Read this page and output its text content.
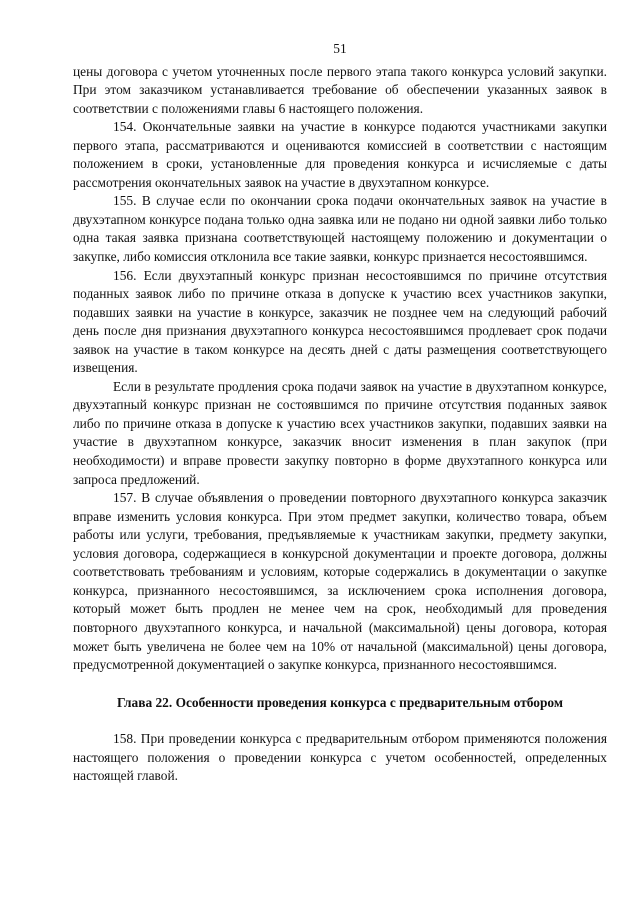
51

цены договора с учетом уточненных после первого этапа такого конкурса условий закупки. При этом заказчиком устанавливается требование об обеспечении указанных заявок в соответствии с положениями главы 6 настоящего положения.

154. Окончательные заявки на участие в конкурсе подаются участниками закупки первого этапа, рассматриваются и оцениваются комиссией в соответствии с настоящим положением в сроки, установленные для проведения конкурса и исчисляемые с даты рассмотрения окончательных заявок на участие в двухэтапном конкурсе.

155. В случае если по окончании срока подачи окончательных заявок на участие в двухэтапном конкурсе подана только одна заявка или не подано ни одной заявки либо только одна такая заявка признана соответствующей настоящему положению и документации о закупке, либо комиссия отклонила все такие заявки, конкурс признается несостоявшимся.

156. Если двухэтапный конкурс признан несостоявшимся по причине отсутствия поданных заявок либо по причине отказа в допуске к участию всех участников закупки, подавших заявки на участие в конкурсе, заказчик не позднее чем на следующий рабочий день после дня признания двухэтапного конкурса несостоявшимся продлевает срок подачи заявок на участие в таком конкурсе на десять дней с даты размещения соответствующего извещения.

Если в результате продления срока подачи заявок на участие в двухэтапном конкурсе, двухэтапный конкурс признан не состоявшимся по причине отсутствия поданных заявок либо по причине отказа в допуске к участию всех участников закупки, подавших заявки на участие в двухэтапном конкурсе, заказчик вносит изменения в план закупок (при необходимости) и вправе провести закупку повторно в форме двухэтапного конкурса или запроса предложений.

157. В случае объявления о проведении повторного двухэтапного конкурса заказчик вправе изменить условия конкурса. При этом предмет закупки, количество товара, объем работы или услуги, требования, предъявляемые к участникам закупки, предмету закупки, условия договора, содержащиеся в конкурсной документации и проекте договора, должны соответствовать требованиям и условиям, которые содержались в документации о закупке конкурса, признанного несостоявшимся, за исключением срока исполнения договора, который может быть продлен не менее чем на срок, необходимый для проведения повторного двухэтапного конкурса, и начальной (максимальной) цены договора, которая может быть увеличена не более чем на 10% от начальной (максимальной) цены договора, предусмотренной документацией о закупке конкурса, признанного несостоявшимся.

Глава 22. Особенности проведения конкурса с предварительным отбором

158. При проведении конкурса с предварительным отбором применяются положения настоящего положения о проведении конкурса с учетом особенностей, определенных настоящей главой.
